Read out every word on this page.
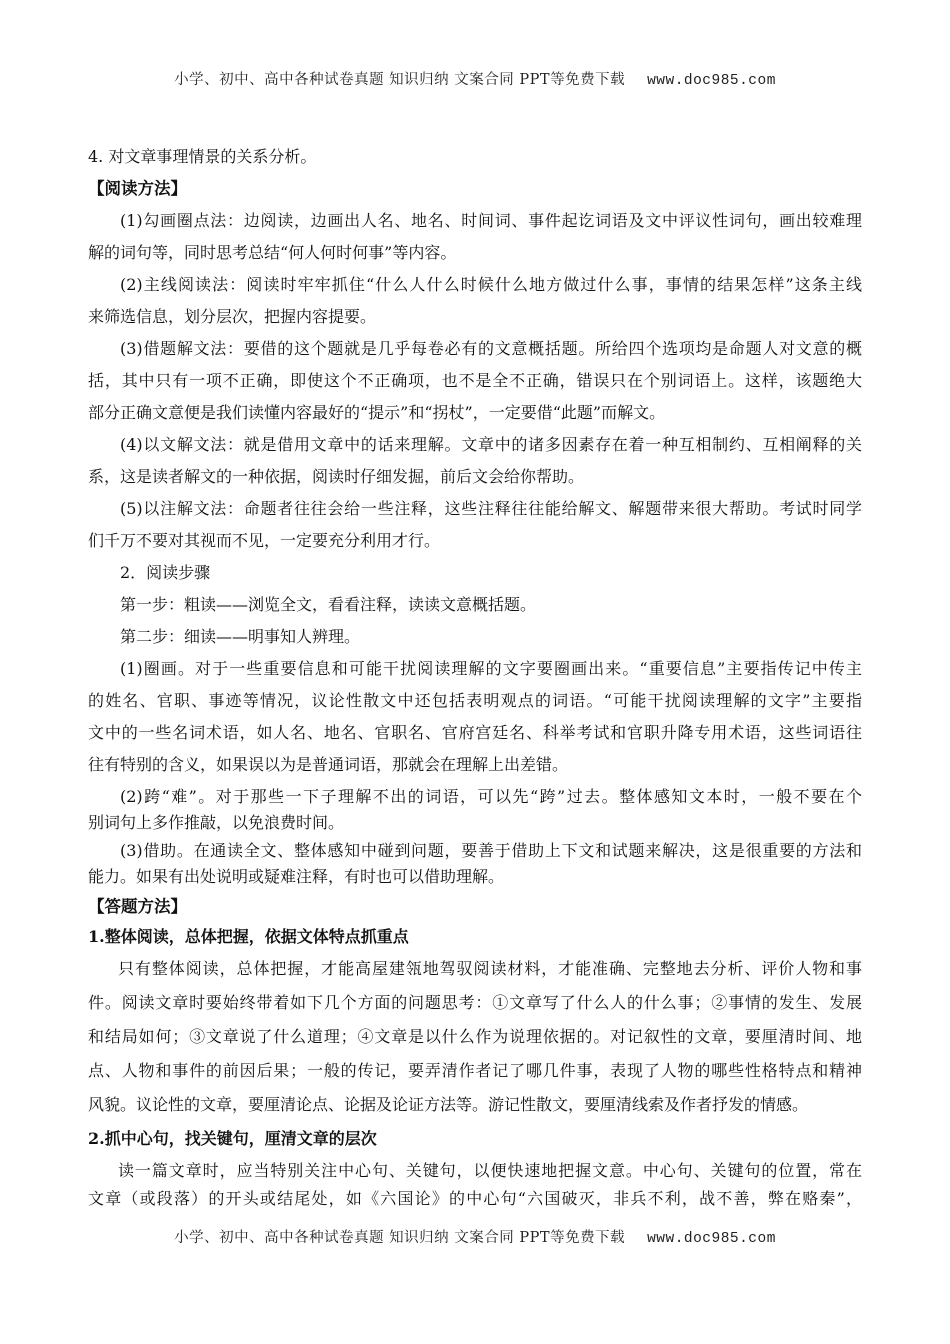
小学、初中、高中各种试卷真题 知识归纳 文案合同 PPT等免费下载 www.doc985.com
4. 对文章事理情景的关系分析。
【阅读方法】
(1)勾画圈点法：边阅读，边画出人名、地名、时间词、事件起讫词语及文中评议性词句，画出较难理
解的词句等，同时思考总结“何人何时何事”等内容。
(2)主线阅读法：阅读时牢牢抓住“什么人什么时候什么地方做过什么事，事情的结果怎样”这条主线
来筛选信息，划分层次，把握内容提要。
(3)借题解文法：要借的这个题就是几乎每卷必有的文意概括题。所给四个选项均是命题人对文意的概
括，其中只有一项不正确，即使这个不正确项，也不是全不正确，错误只在个别词语上。这样，该题绝大
部分正确文意便是我们读懂内容最好的“提示”和“拐杖”，一定要借“此题”而解文。
(4)以文解文法：就是借用文章中的话来理解。文章中的诸多因素存在着一种互相制约、互相阐释的关
系，这是读者解文的一种依据，阅读时仔细发掘，前后文会给你帮助。
(5)以注解文法：命题者往往会给一些注释，这些注释往往能给解文、解题带来很大帮助。考试时同学
们千万不要对其视而不见，一定要充分利用才行。
2．阅读步骤
第一步：粗读——浏览全文，看看注释，读读文意概括题。
第二步：细读——明事知人辨理。
(1)圈画。对于一些重要信息和可能干扰阅读理解的文字要圈画出来。“重要信息”主要指传记中传主
的姓名、官职、事迹等情况，议论性散文中还包括表明观点的词语。“可能干扰阅读理解的文字”主要指
文中的一些名词术语，如人名、地名、官职名、官府宫廷名、科举考试和官职升降专用术语，这些词语往
往有特别的含义，如果误以为是普通词语，那就会在理解上出差错。
(2)跨“难”。对于那些一下子理解不出的词语，可以先“跨”过去。整体感知文本时，一般不要在个
别词句上多作推敲，以免浪费时间。
(3)借助。在通读全文、整体感知中碰到问题，要善于借助上下文和试题来解决，这是很重要的方法和
能力。如果有出处说明或疑难注释，有时也可以借助理解。
【答题方法】
1.整体阅读，总体把握，依据文体特点抓重点
只有整体阅读，总体把握，才能高屋建瓴地驾驭阅读材料，才能准确、完整地去分析、评价人物和事
件。阅读文章时要始终带着如下几个方面的问题思考：①文章写了什么人的什么事；②事情的发生、发展
和结局如何；③文章说了什么道理；④文章是以什么作为说理依据的。对记叙性的文章，要厘清时间、地
点、人物和事件的前因后果；一般的传记，要弄清作者记了哪几件事，表现了人物的哪些性格特点和精神
风貌。议论性的文章，要厘清论点、论据及论证方法等。游记性散文，要厘清线索及作者抒发的情感。
2.抓中心句，找关键句，厘清文章的层次
小学、初中、高中各种试卷真题 知识归纳 文案合同 PPT等免费下载 www.doc985.com
读一篇文章时，应当特别关注中心句、关键句，以便快速地把握文意。中心句、关键句的位置，常在
文章（或段落）的开头或结尾处，如《六国论》的中心句“六国破灭，非兵不利，战不善，弊在赂秦”，
